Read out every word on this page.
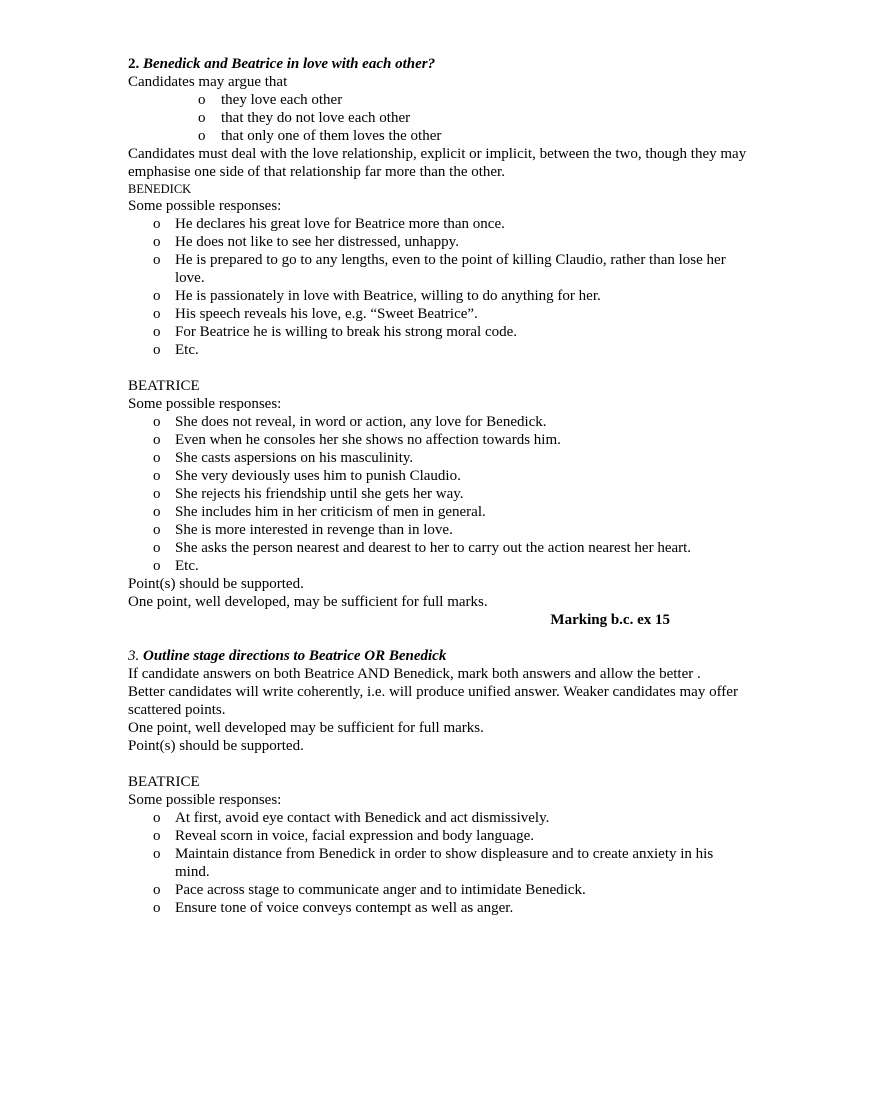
2. Benedick and Beatrice in love with each other?
Candidates may argue that
o they love each other
o that they do not love each other
o that only one of them loves the other
Candidates must deal with the love relationship, explicit or implicit, between the two, though they may
emphasise one side of that relationship far more than the other.
BENEDICK
Some possible responses:
o He declares his great love for Beatrice more than once.
o He does not like to see her distressed, unhappy.
o He is prepared to go to any lengths, even to the point of killing Claudio, rather than lose her
love.
o He is passionately in love with Beatrice, willing to do anything for her.
o His speech reveals his love, e.g. “Sweet Beatrice”.
o For Beatrice he is willing to break his strong moral code.
o Etc.
BEATRICE
Some possible responses:
o She does not reveal, in word or action, any love for Benedick.
o Even when he consoles her she shows no affection towards him.
o She casts aspersions on his masculinity.
o She very deviously uses him to punish Claudio.
o She rejects his friendship until she gets her way.
o She includes him in her criticism of men in general.
o She is more interested in revenge than in love.
o She asks the person nearest and dearest to her to carry out the action nearest her heart.
o Etc.
Point(s) should be supported.
One point, well developed, may be sufficient for full marks.
Marking b.c. ex 15
3. Outline stage directions to Beatrice OR Benedick
If candidate answers on both Beatrice AND Benedick, mark both answers and allow the better .
Better candidates will write coherently, i.e. will produce unified answer. Weaker candidates may offer
scattered points.
One point, well developed may be sufficient for full marks.
Point(s) should be supported.
BEATRICE
Some possible responses:
o At first, avoid eye contact with Benedick and act dismissively.
o Reveal scorn in voice, facial expression and body language.
o Maintain distance from Benedick in order to show displeasure and to create anxiety in his
mind.
o Pace across stage to communicate anger and to intimidate Benedick.
o Ensure tone of voice conveys contempt as well as anger.
